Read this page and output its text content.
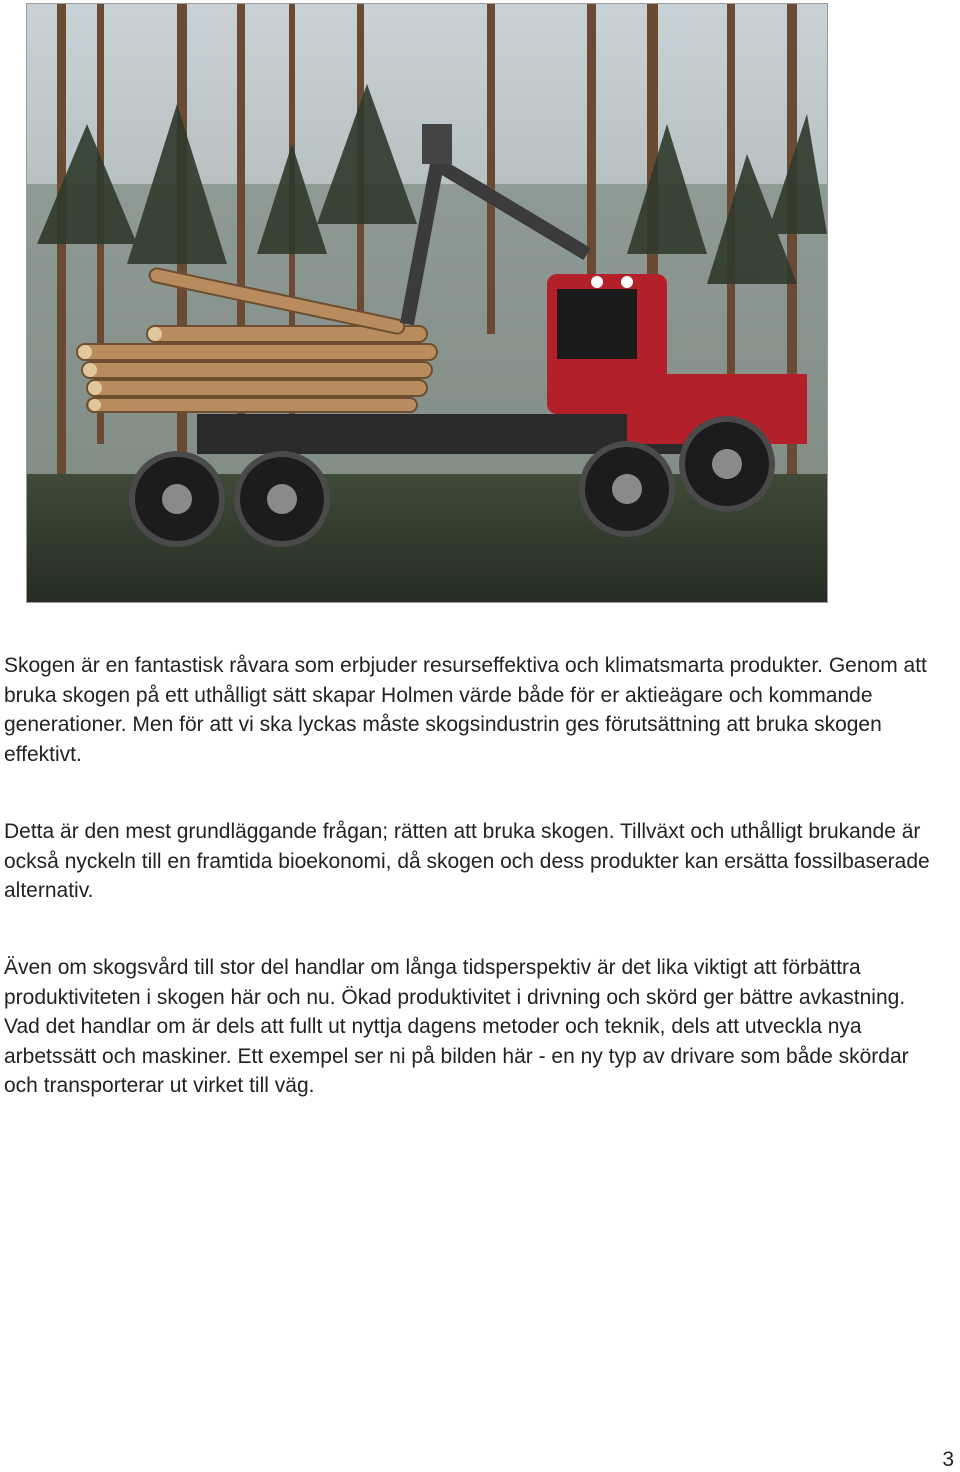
Skogen är en fantastisk råvara som erbjuder resurseffektiva och klimatsmarta produkter. Genom att bruka skogen på ett uthålligt sätt skapar Holmen värde både för er aktieägare och kommande generationer. Men för att vi ska lyckas måste skogsindustrin ges förutsättning att bruka skogen effektivt.

Detta är den mest grundläggande frågan; rätten att bruka skogen. Tillväxt och uthålligt brukande är också nyckeln till en framtida bioekonomi, då skogen och dess produkter kan ersätta fossilbaserade alternativ.

Även om skogsvård till stor del handlar om långa tidsperspektiv är det lika viktigt att förbättra produktiviteten i skogen här och nu. Ökad produktivitet i drivning och skörd ger bättre avkastning. Vad det handlar om är dels att fullt ut nyttja dagens metoder och teknik, dels att utveckla nya arbetssätt och maskiner. Ett exempel ser ni på bilden här - en ny typ av drivare som både skördar och transporterar ut virket till väg.

3
